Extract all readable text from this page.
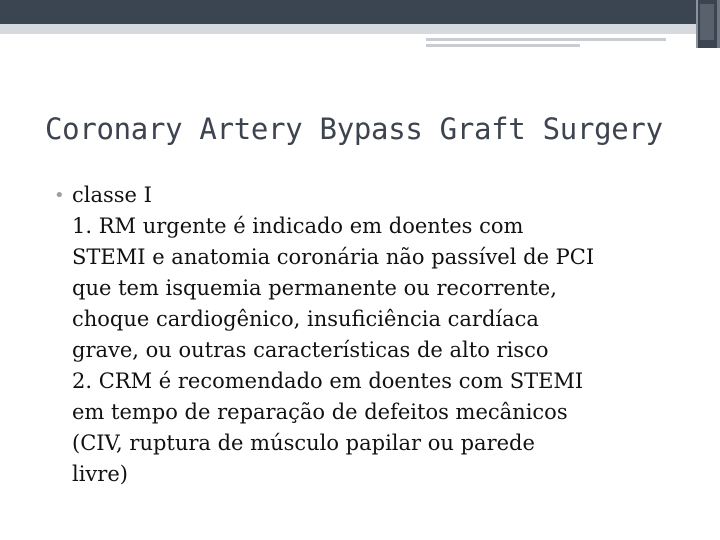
Coronary Artery Bypass Graft Surgery
• classe I
1. RM urgente é indicado em doentes com
STEMI e anatomia coronária não passível de PCI
que tem isquemia permanente ou recorrente,
choque cardiogênico, insuficiência cardíaca
grave, ou outras características de alto risco
2. CRM é recomendado em doentes com STEMI
em tempo de reparação de defeitos mecânicos
(CIV, ruptura de músculo papilar ou parede
livre)
